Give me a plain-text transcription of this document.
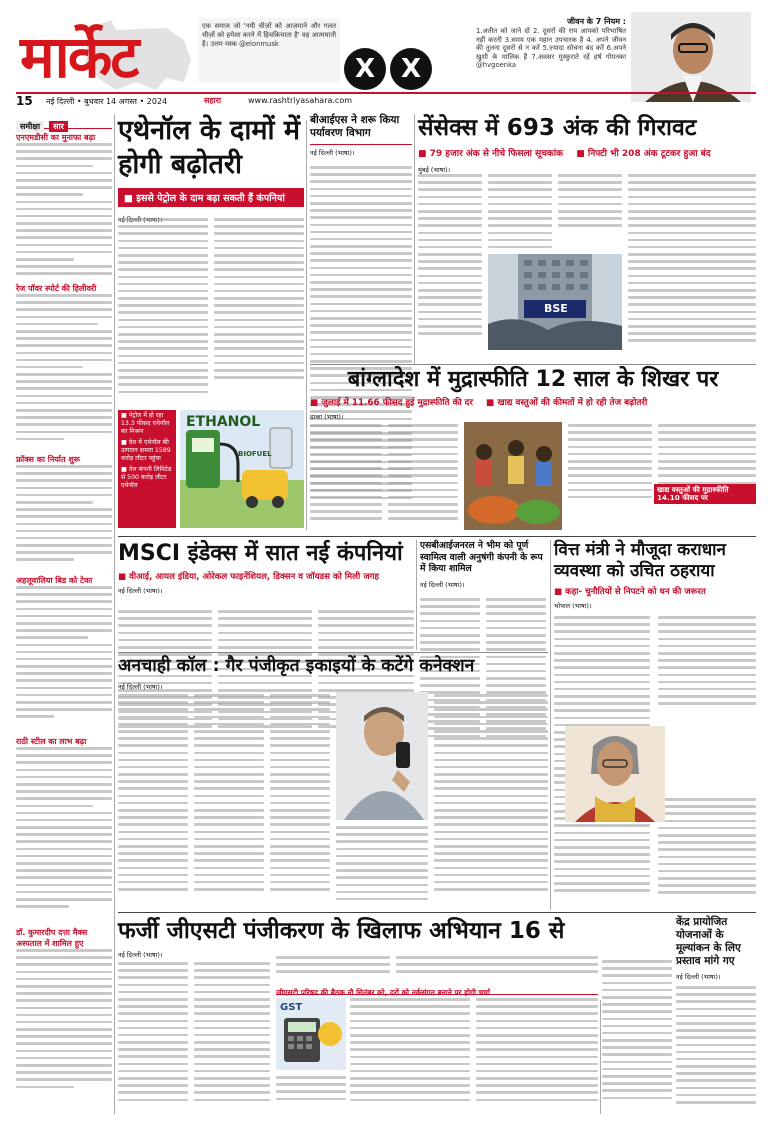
मार्केट	एक समाज जो 'नयी चीज़ों को आज़माने और गलत चीज़ों को हमेशा करने में हिचकिचाता है' वह आत्मघाती है। उत्तम मस्क @elonmusk
X X
जीवन के 7 नियम :
1.अतीत को जाने दो 2. दूसरों की राय आपको परिभाषित नहीं करती 3.समय एक महान उपचारक है 4. अपने जीवन की तुलना दूसरों से न करें 5.ज़्यादा सोचना बंद करें 6.अपने ख़ुशी के मालिक हैं 7.अवसर मुस्कुराते रहें हर्ष गोयनका @hvgoenka
15 नई दिल्ली • बुधवार 14 अगस्त • 2024	सहारा	www.rashtriyasahara.com
समीक्षा सार
एनएमडीसी का मुनाफा बढ़ा
रेज पॉवर स्पोर्ट की हिलीवरी
फ्रॉक्स का निर्यात शुरू
अहलूवालिया बिड को टेका
राठी स्टील का लाभ बढ़ा
डॉ. कुमारदीप दत्ता मैक्स अस्पताल में शामिल हुए
एथेनॉल के दामों में होगी बढ़ोतरी
■ इससे पेट्रोल के दाम बढ़ा सकती हैं कंपनियां
■ पेट्रोल में हो रहा 13.3 फीसद एथेनॉल का मिश्रण
■ देश में एथेनॉल की उत्पादन क्षमता 1589 करोड़ लीटर पहुंचा
■ तेल कंपनी लिमिटेड से 500 करोड़ लीटर एथेनॉल
ETHANOL
BIOFUEL
बीआईएस ने शरू किया पर्यावरण विभाग
नई दिल्ली (भाषा)।
सेंसेक्स में 693 अंक की गिरावट
■ 79 हजार अंक से नीचे फिसला सूचकांक	■ निफ्टी भी 208 अंक टूटकर हुआ बंद
मुंबई (भाषा)।
BSE
बांग्लादेश में मुद्रास्फीति 12 साल के शिखर पर
■ जुलाई में 11.66 फीसद हुई मुद्रास्फीति की दर	■ खाद्य वस्तुओं की कीमतों में हो रही तेज बढ़ोतरी
ढाका (भाषा)।
खाद्य वस्तुओं की मुद्रास्फीति 14.10 फीसद पर
MSCI इंडेक्स में सात नई कंपनियां
■ वीआई, आयल इंडिया, ओरेकल फाइनेंशियल, डिक्सन व जॉयडस को मिली जगह
नई दिल्ली (भाषा)।
एसबीआईजनरल ने भीम को पूर्ण स्वामित्व वाली अनुषंगी कंपनी के रूप में किया शामिल
नई दिल्ली (भाषा)।
वित्त मंत्री ने मौजूदा कराधान व्यवस्था को उचित ठहराया
■ कहा- चुनौतियों से निपटने को धन की जरूरत
भोपाल (भाषा)।
अनचाही कॉल : गैर पंजीकृत इकाइयों के कटेंगे कनेक्शन
नई दिल्ली (भाषा)।
फर्जी जीएसटी पंजीकरण के खिलाफ अभियान 16 से
नई दिल्ली (भाषा)।
जीएसटी परिषद की बैठक नौ सितंबर को, दरों को तर्कसंगत बनाने पर होगी चर्चा
GST
केंद्र प्रायोजित योजनाओं के मूल्यांकन के लिए प्रस्ताव मांगे गए
नई दिल्ली (भाषा)।
